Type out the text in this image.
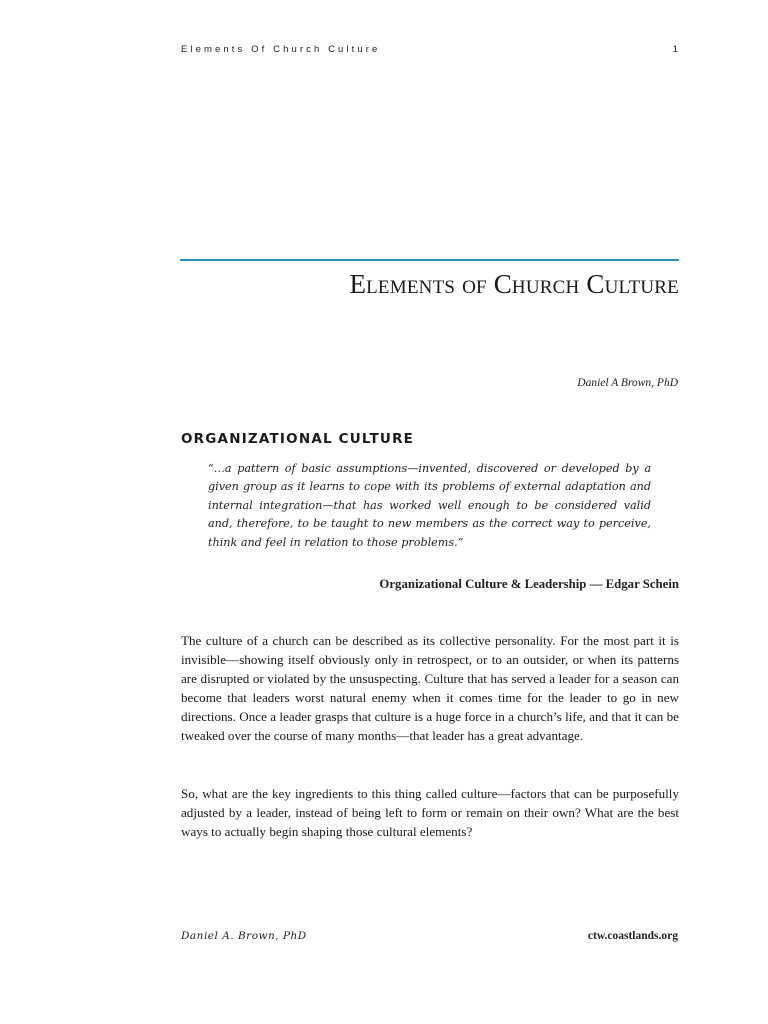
Elements Of Church Culture	1
Elements of Church Culture
Daniel A Brown, PhD
ORGANIZATIONAL CULTURE
“…a pattern of basic assumptions—invented, discovered or developed by a given group as it learns to cope with its problems of external adaptation and internal integration—that has worked well enough to be considered valid and, therefore, to be taught to new members as the correct way to perceive, think and feel in relation to those problems.”
Organizational Culture & Leadership — Edgar Schein

The culture of a church can be described as its collective personality. For the most part it is invisible—showing itself obviously only in retrospect, or to an outsider, or when its patterns are disrupted or violated by the unsuspecting. Culture that has served a leader for a season can become that leaders worst natural enemy when it comes time for the leader to go in new directions. Once a leader grasps that culture is a huge force in a church’s life, and that it can be tweaked over the course of many months—that leader has a great advantage.

So, what are the key ingredients to this thing called culture—factors that can be purposefully adjusted by a leader, instead of being left to form or remain on their own? What are the best ways to actually begin shaping those cultural elements?

Daniel A. Brown, PhD	ctw.coastlands.org
